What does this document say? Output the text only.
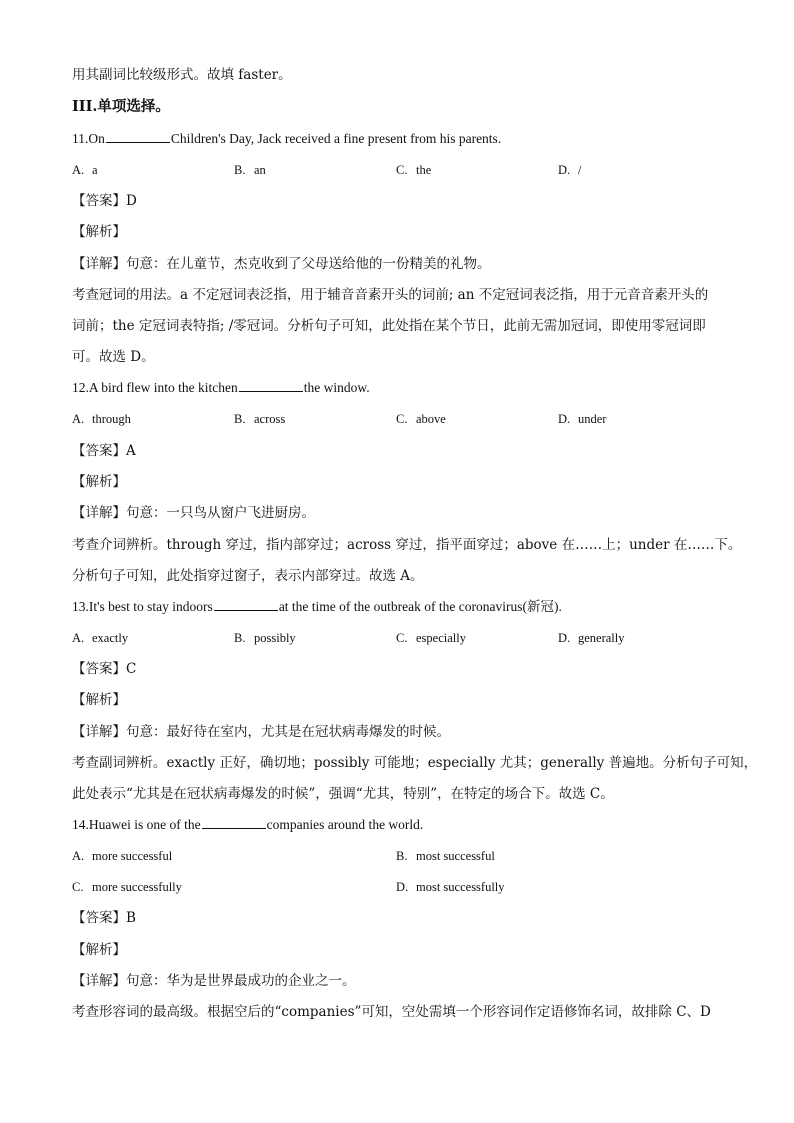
用其副词比较级形式。故填 faster。
III.单项选择。
11.On	Children's Day, Jack received a fine present from his parents.
A. a	B. an	C. the	D. /
【答案】D
【解析】
【详解】句意：在儿童节，杰克收到了父母送给他的一份精美的礼物。
考查冠词的用法。a 不定冠词表泛指，用于辅音音素开头的词前; an 不定冠词表泛指，用于元音音素开头的
词前；the 定冠词表特指; /零冠词。分析句子可知，此处指在某个节日，此前无需加冠词，即使用零冠词即
可。故选 D。
12.A bird flew into the kitchen	the window.
A. through	B. across	C. above	D. under
【答案】A
【解析】
【详解】句意：一只鸟从窗户飞进厨房。
考查介词辨析。through 穿过，指内部穿过；across 穿过，指平面穿过；above 在……上；under 在……下。
分析句子可知，此处指穿过窗子，表示内部穿过。故选 A。
13.It's best to stay indoors	at the time of the outbreak of the coronavirus(新冠).
A. exactly	B. possibly	C. especially	D. generally
【答案】C
【解析】
【详解】句意：最好待在室内，尤其是在冠状病毒爆发的时候。
考查副词辨析。exactly 正好，确切地；possibly 可能地；especially 尤其；generally 普遍地。分析句子可知，
此处表示“尤其是在冠状病毒爆发的时候”，强调“尤其，特别”，在特定的场合下。故选 C。
14.Huawei is one of the	companies around the world.
A. more successful	B. most successful
C. more successfully	D. most successfully
【答案】B
【解析】
【详解】句意：华为是世界最成功的企业之一。
考查形容词的最高级。根据空后的“companies”可知，空处需填一个形容词作定语修饰名词，故排除 C、D
